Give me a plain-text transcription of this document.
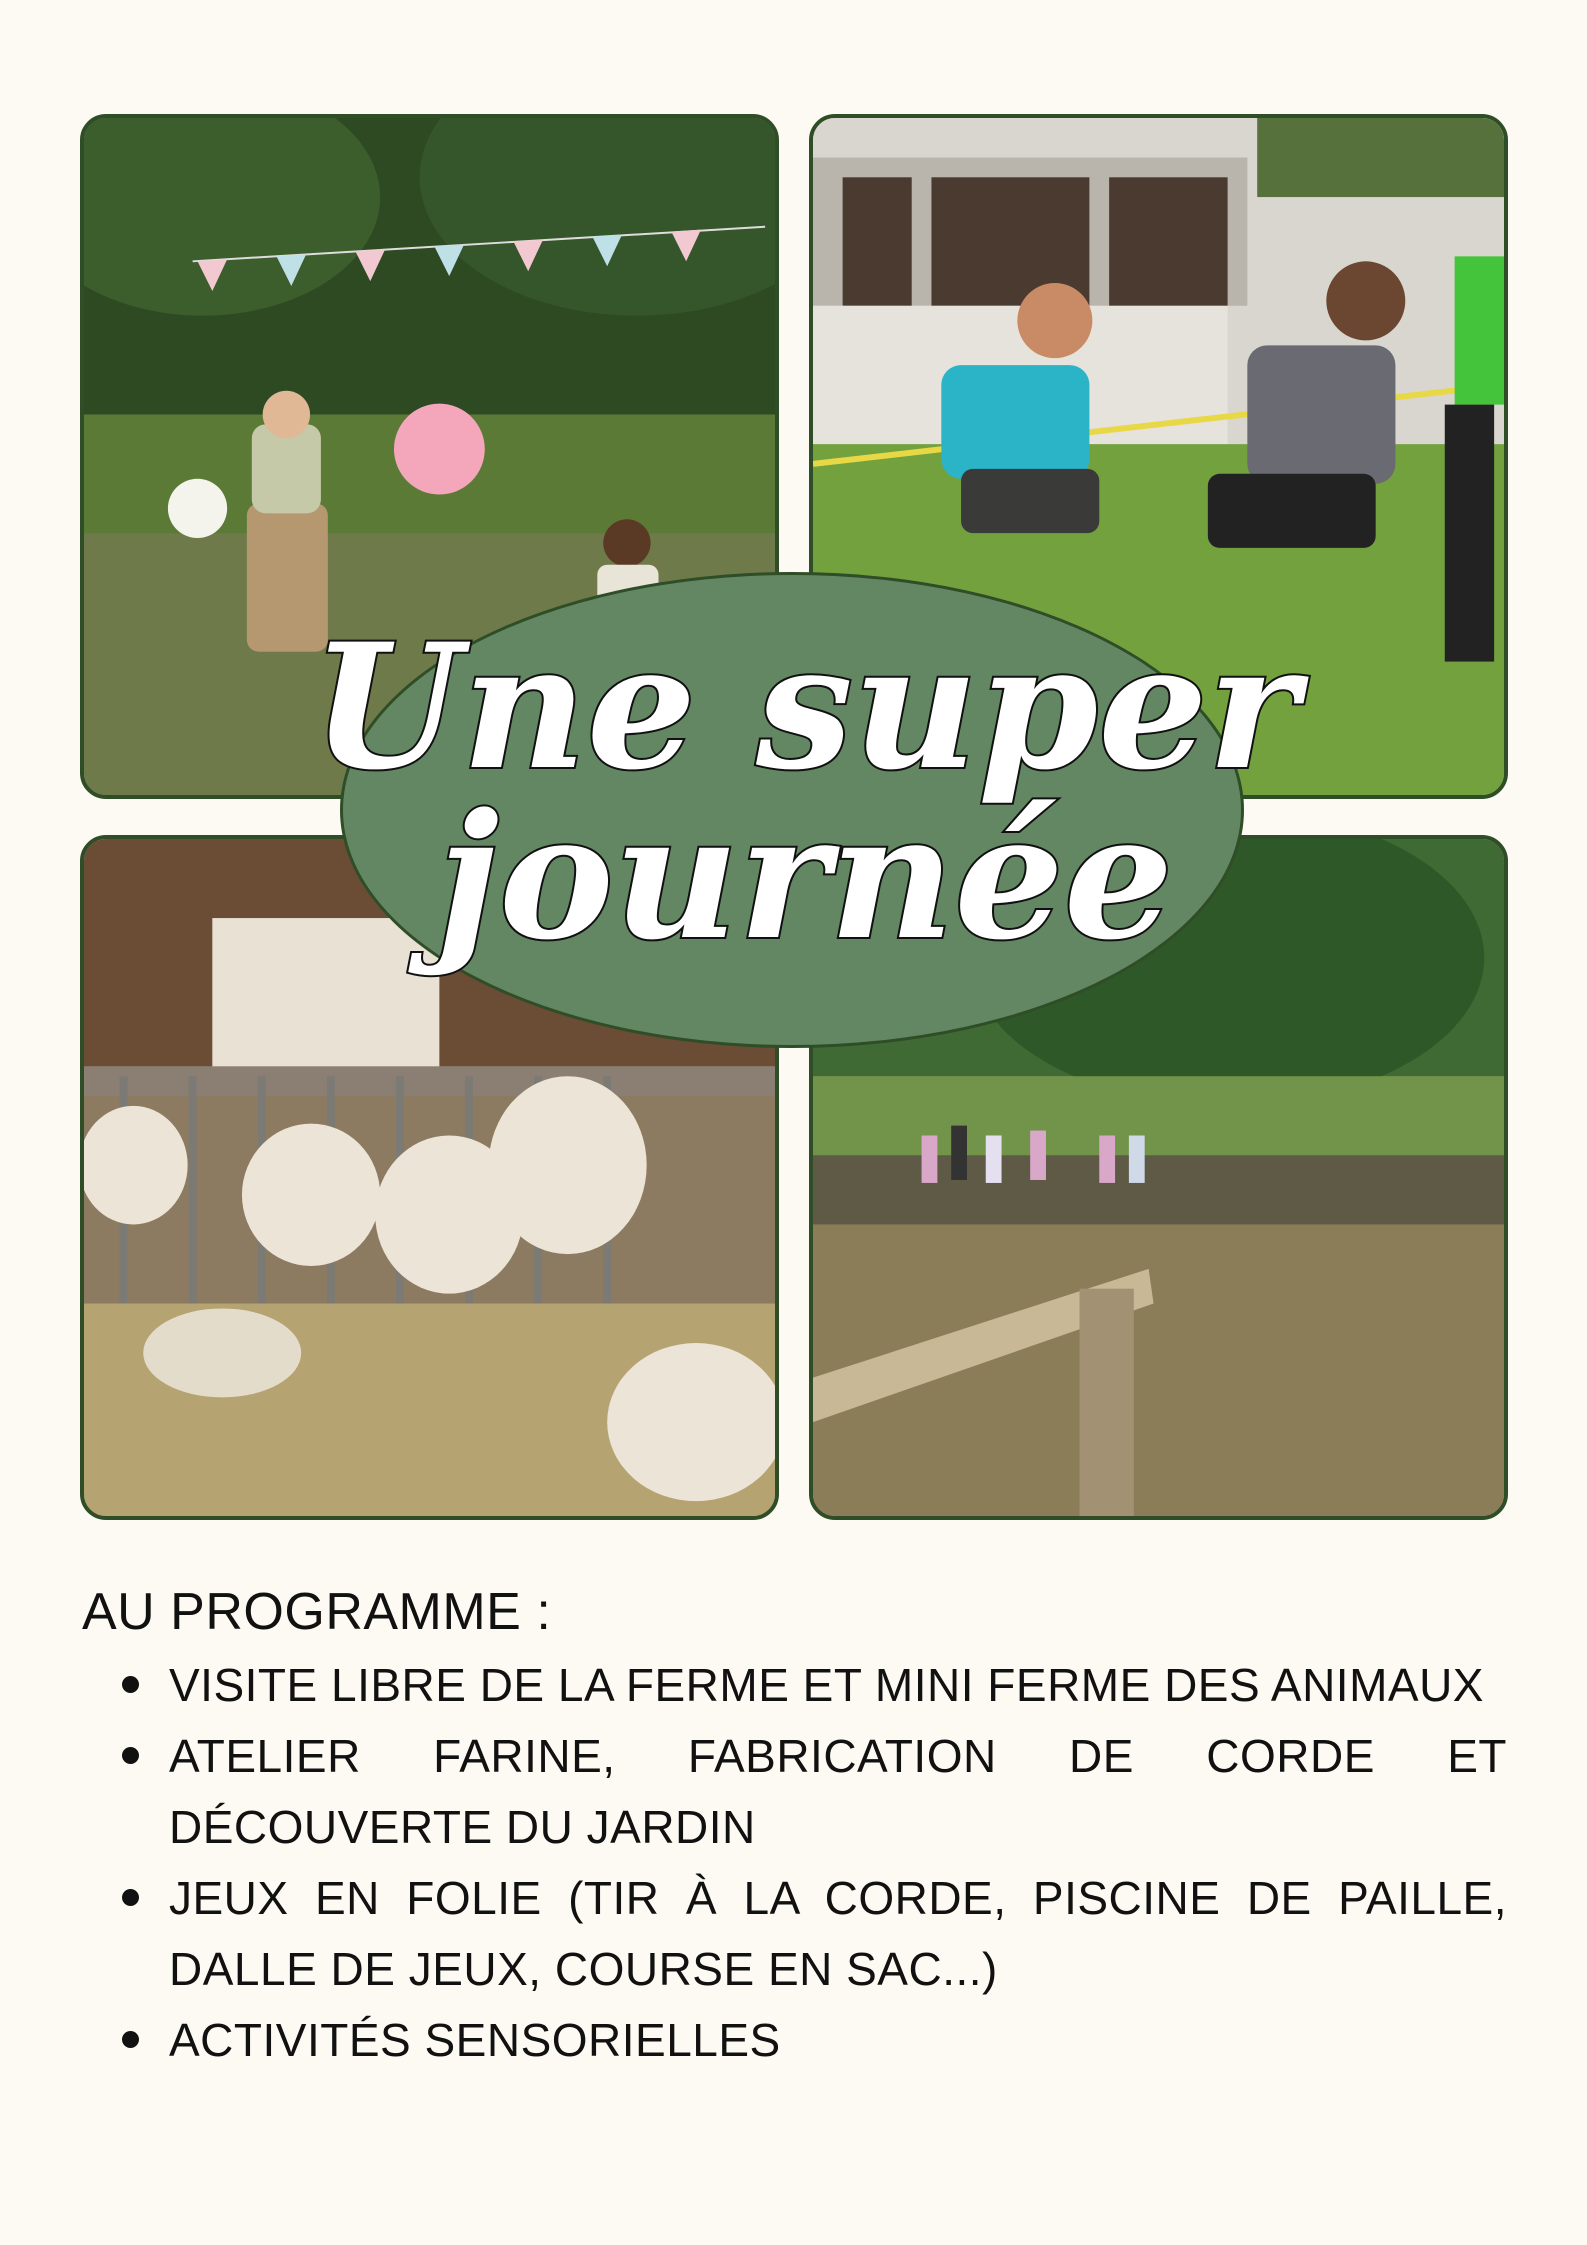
Une super
journée
AU PROGRAMME :
VISITE LIBRE DE LA FERME ET MINI FERME DES ANIMAUX
ATELIER FARINE, FABRICATION DE CORDE ET DÉCOUVERTE DU JARDIN
JEUX EN FOLIE (TIR À LA CORDE, PISCINE DE PAILLE, DALLE DE JEUX, COURSE EN SAC...)
ACTIVITÉS SENSORIELLES
